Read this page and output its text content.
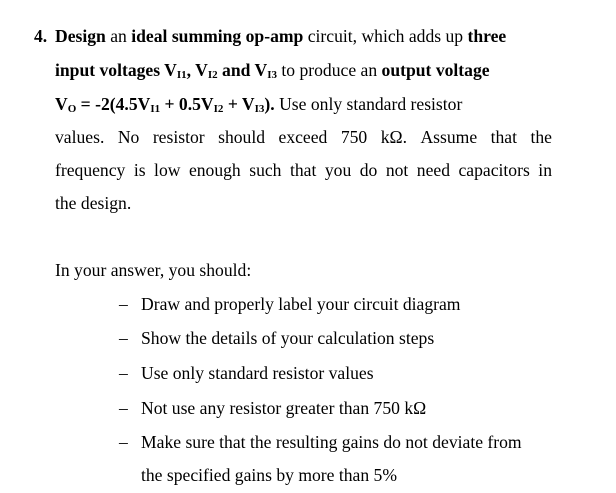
4. Design an ideal summing op-amp circuit, which adds up three
input voltages $V_{I1}$, $V_{I2}$ and $V_{I3}$ to produce an output voltage
$V_O = -2(4.5V_{I1} + 0.5V_{I2} + V_{I3})$. Use only standard resistor
values. No resistor should exceed 750 kΩ. Assume that the
frequency is low enough such that you do not need capacitors in
the design.
In your answer, you should:
– Draw and properly label your circuit diagram
– Show the details of your calculation steps
– Use only standard resistor values
– Not use any resistor greater than 750 kΩ
– Make sure that the resulting gains do not deviate from
the specified gains by more than 5%
